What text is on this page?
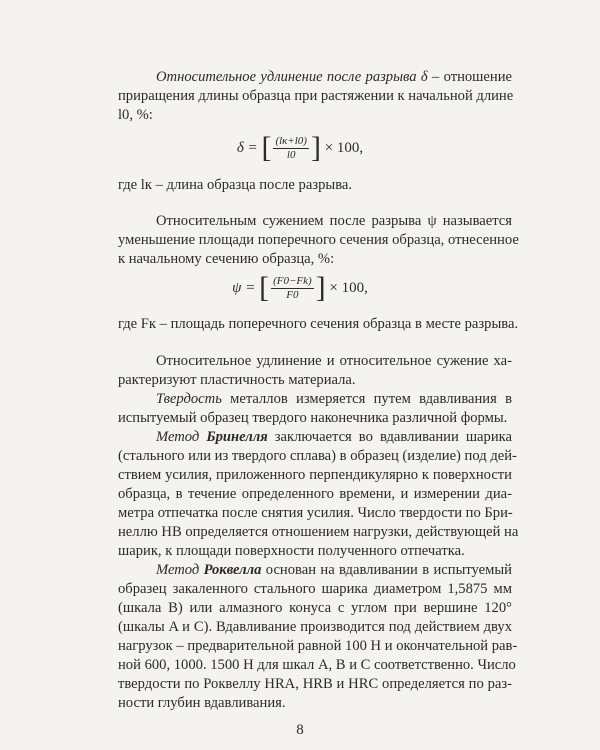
Относительное удлинение после разрыва δ – отношение
приращения длины образца при растяжении к начальной длине
l0, %:
δ =
[ $\frac{(lк+l0)}{l0}$ ]
× 100,
где lк – длина образца после разрыва.
Относительным сужением после разрыва ψ называется
уменьшение площади поперечного сечения образца, отнесенное
к начальному сечению образца, %:
ψ =
[ $\frac{(F0-Fk)}{F0}$ ]
× 100,
где Fк – площадь поперечного сечения образца в месте разрыва.
Относительное удлинение и относительное сужение ха-
рактеризуют пластичность материала.
Твердость металлов измеряется путем вдавливания в
испытуемый образец твердого наконечника различной формы.
Метод Бринелля заключается во вдавливании шарика
(стального или из твердого сплава) в образец (изделие) под дей-
ствием усилия, приложенного перпендикулярно к поверхности
образца, в течение определенного времени, и измерении диа-
метра отпечатка после снятия усилия. Число твердости по Бри-
неллю НВ определяется отношением нагрузки, действующей на
шарик, к площади поверхности полученного отпечатка.
Метод Роквелла основан на вдавливании в испытуемый
образец закаленного стального шарика диаметром 1,5875 мм
(шкала B) или алмазного конуса с углом при вершине 120°
(шкалы A и C). Вдавливание производится под действием двух
нагрузок – предварительной равной 100 Н и окончательной рав-
ной 600, 1000. 1500 Н для шкал A, B и C соответственно. Число
твердости по Роквеллу HRA, HRB и HRC определяется по раз-
ности глубин вдавливания.
8
